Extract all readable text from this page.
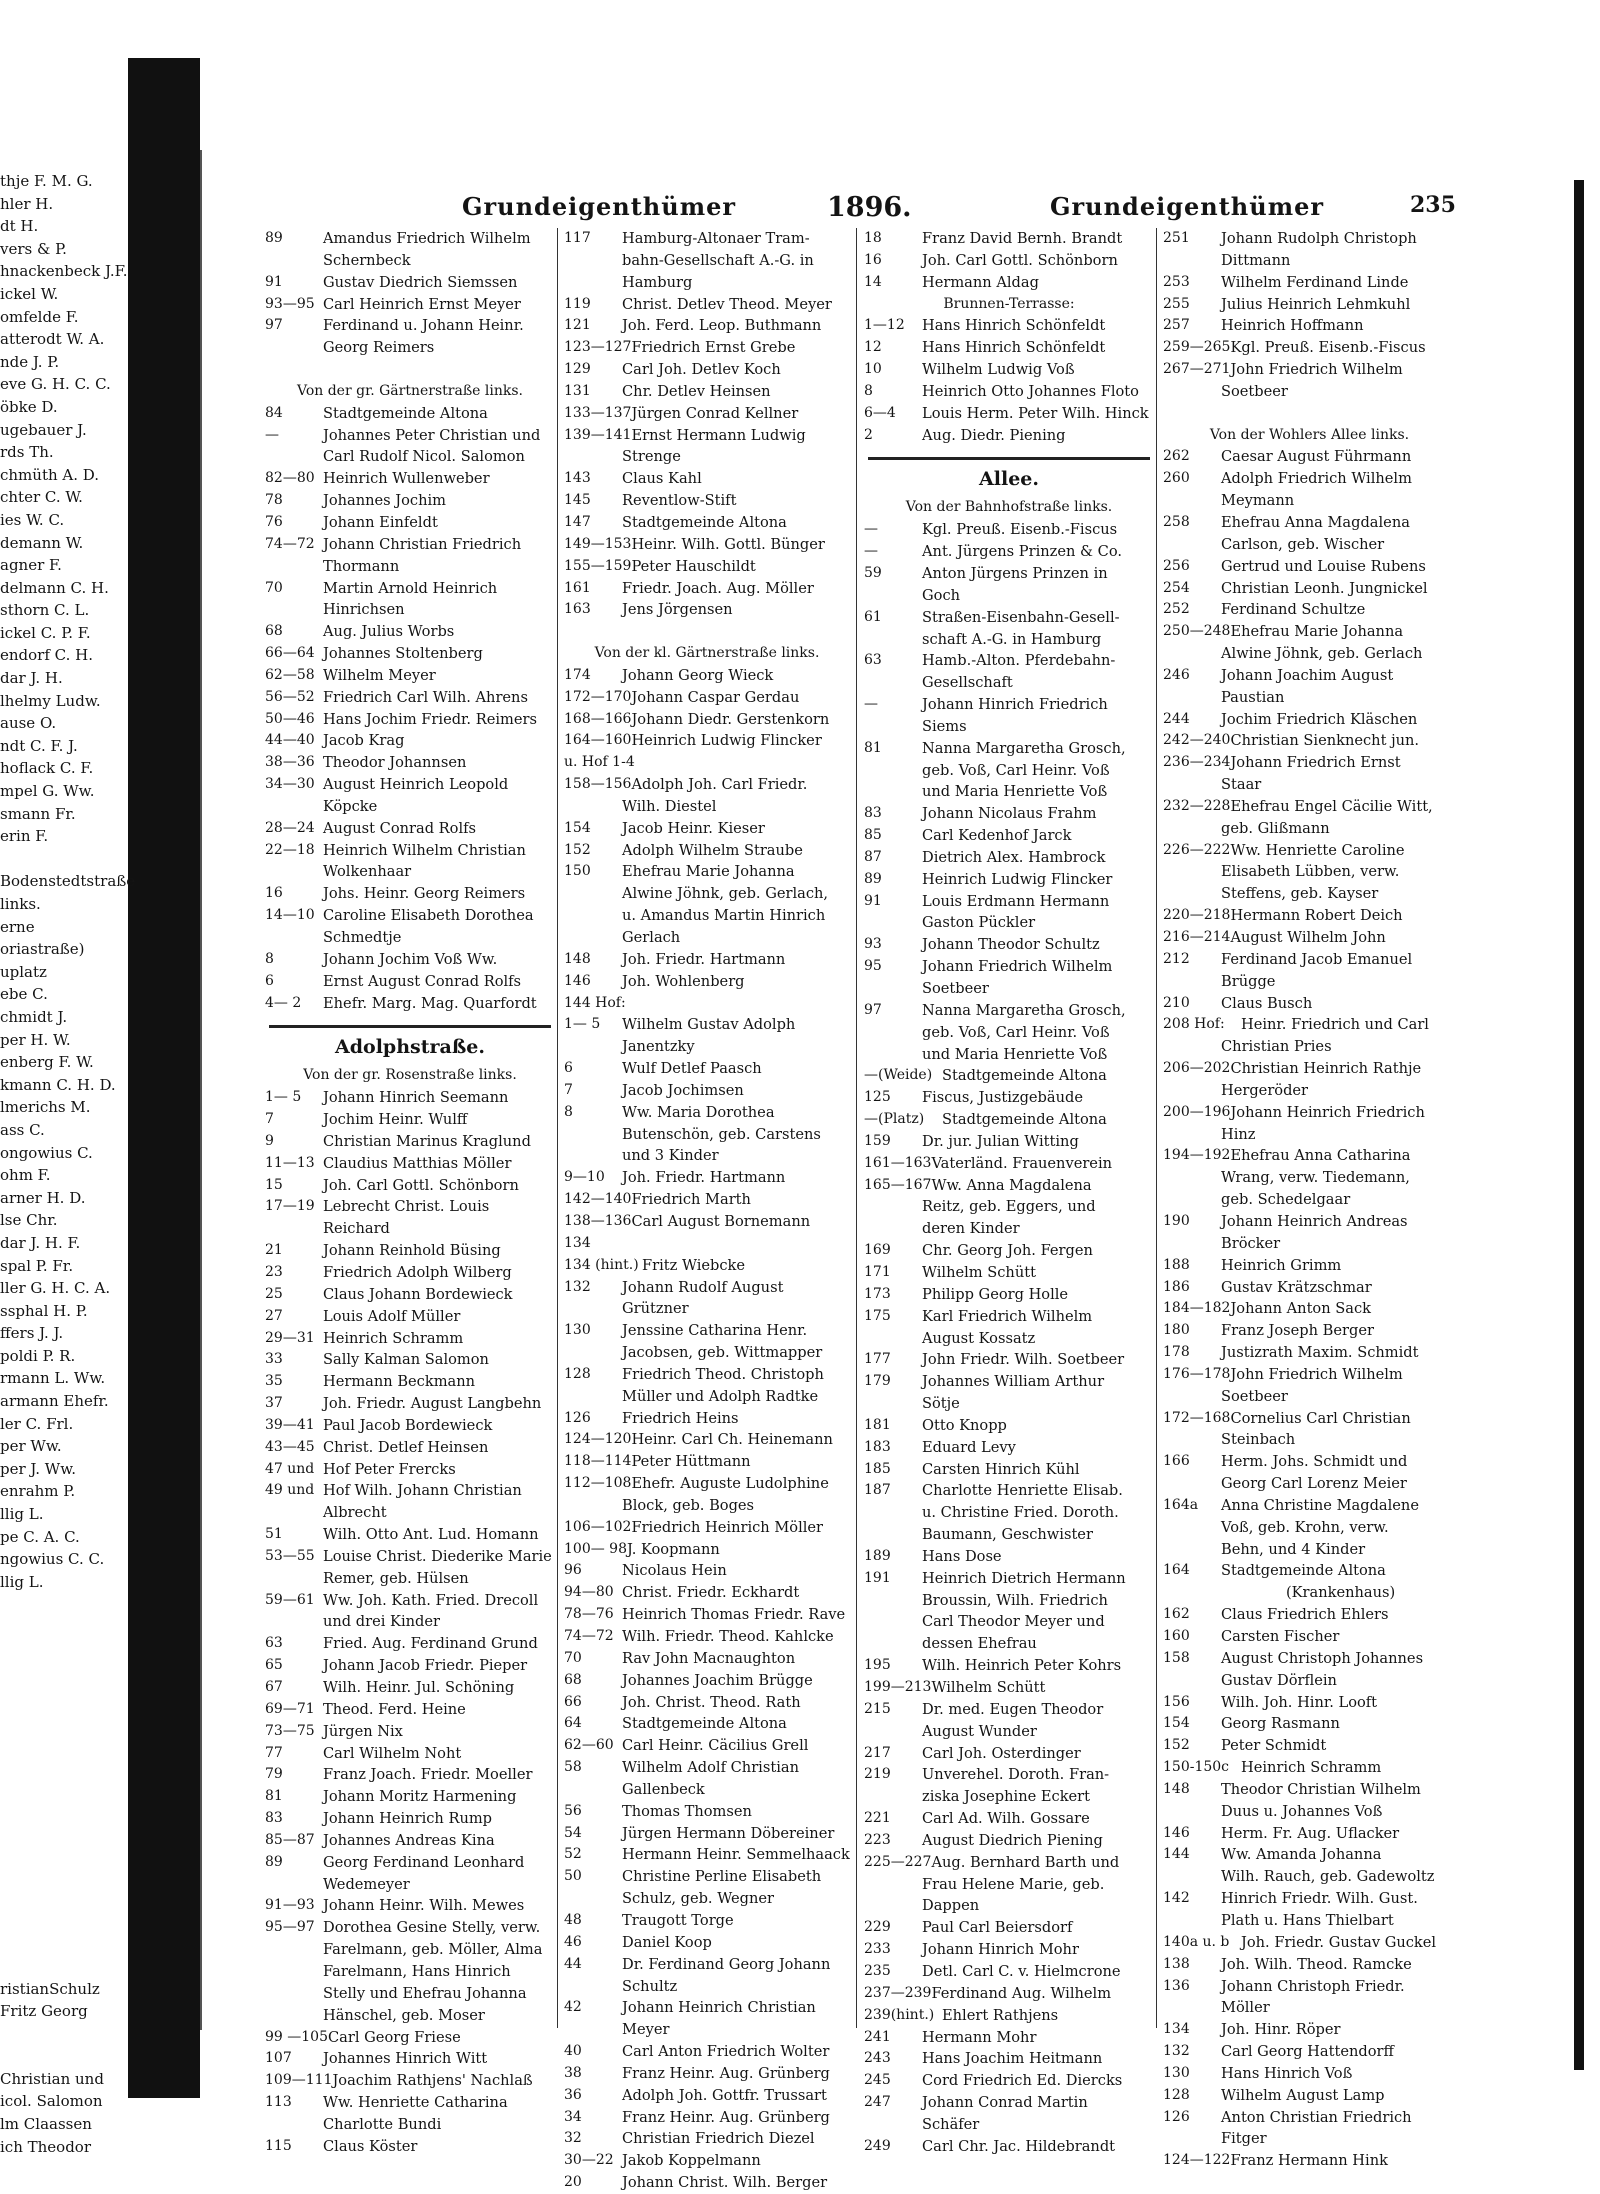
thje F. M. G.
hler H.
dt H.
vers & P.
hnackenbeck J.F.
ickel W.
omfelde F.
atterodt W. A.
nde J. P.
eve G. H. C. C.
öbke D.
ugebauer J.
rds Th.
chmüth A. D.
chter C. W.
ies W. C.
demann W.
agner F.
delmann C. H.
sthorn C. L.
ickel C. P. F.
endorf C. H.
dar J. H.
lhelmy Ludw.
ause O.
ndt C. F. J.
hoflack C. F.
mpel G. Ww.
smann Fr.
erin F.
Bodenstedtstraße
links.
erne
oriastraße)
uplatz
ebe C.
chmidt J.
per H. W.
enberg F. W.
kmann C. H. D.
lmerichs M.
ass C.
ongowius C.
ohm F.
arner H. D.
lse Chr.
dar J. H. F.
spal P. Fr.
ller G. H. C. A.
ssphal H. P.
ffers J. J.
poldi P. R.
rmann L. Ww.
armann Ehefr.
ler C. Frl.
per Ww.
per J. Ww.
enrahm P.
llig L.
pe C. A. C.
ngowius C. C.
llig L.
ristianSchulz
Fritz Georg
Christian und
icol. Salomon
lm Claassen
ich Theodor
Grundeigenthümer	1896.	Grundeigenthümer	235
89	Amandus Friedrich Wilhelm
Schernbeck
91	Gustav Diedrich Siemssen
93—95 Carl Heinrich Ernst Meyer
97	Ferdinand u. Johann Heinr.
Georg Reimers
Von der gr. Gärtnerstraße links.
84	Stadtgemeinde Altona
—	Johannes Peter Christian und
Carl Rudolf Nicol. Salomon
82—80 Heinrich Wullenweber
78	Johannes Jochim
76	Johann Einfeldt
74—72 Johann Christian Friedrich
Thormann
70	Martin Arnold Heinrich
Hinrichsen
68	Aug. Julius Worbs
66—64 Johannes Stoltenberg
62—58 Wilhelm Meyer
56—52 Friedrich Carl Wilh. Ahrens
50—46 Hans Jochim Friedr. Reimers
44—40 Jacob Krag
38—36 Theodor Johannsen
34—30 August Heinrich Leopold
Köpcke
28—24 August Conrad Rolfs
22—18 Heinrich Wilhelm Christian
Wolkenhaar
16	Johs. Heinr. Georg Reimers
14—10 Caroline Elisabeth Dorothea
Schmedtje
8	Johann Jochim Voß Ww.
6	Ernst August Conrad Rolfs
4— 2	Ehefr. Marg. Mag. Quarfordt
Adolphstraße.
Von der gr. Rosenstraße links.
1— 5	Johann Hinrich Seemann
7	Jochim Heinr. Wulff
9	Christian Marinus Kraglund
11—13 Claudius Matthias Möller
15	Joh. Carl Gottl. Schönborn
17—19 Lebrecht Christ. Louis Reichard
21	Johann Reinhold Büsing
23	Friedrich Adolph Wilberg
25	Claus Johann Bordewieck
27	Louis Adolf Müller
29—31 Heinrich Schramm
33	Sally Kalman Salomon
35	Hermann Beckmann
37	Joh. Friedr. August Langbehn
39—41 Paul Jacob Bordewieck
43—45 Christ. Detlef Heinsen
47 und Hof Peter Frercks
49 und Hof Wilh. Johann Christian
Albrecht
51	Wilh. Otto Ant. Lud. Homann
53—55 Louise Christ. Diederike Marie
Remer, geb. Hülsen
59—61 Ww. Joh. Kath. Fried. Drecoll
und drei Kinder
63	Fried. Aug. Ferdinand Grund
65	Johann Jacob Friedr. Pieper
67	Wilh. Heinr. Jul. Schöning
69—71 Theod. Ferd. Heine
73—75 Jürgen Nix
77	Carl Wilhelm Noht
79	Franz Joach. Friedr. Moeller
81	Johann Moritz Harmening
83	Johann Heinrich Rump
85—87 Johannes Andreas Kina
89	Georg Ferdinand Leonhard
Wedemeyer
91—93 Johann Heinr. Wilh. Mewes
95—97 Dorothea Gesine Stelly, verw.
Farelmann, geb. Möller, Alma
Farelmann, Hans Hinrich
Stelly und Ehefrau Johanna
Hänschel, geb. Moser
99 —105 Carl Georg Friese
107	Johannes Hinrich Witt
109—111 Joachim Rathjens' Nachlaß
113	Ww. Henriette Catharina
Charlotte Bundi
115	Claus Köster
117	Hamburg-Altonaer Tram-
bahn-Gesellschaft A.-G. in
Hamburg
119	Christ. Detlev Theod. Meyer
121	Joh. Ferd. Leop. Buthmann
123—127 Friedrich Ernst Grebe
129	Carl Joh. Detlev Koch
131	Chr. Detlev Heinsen
133—137 Jürgen Conrad Kellner
139—141 Ernst Hermann Ludwig
Strenge
143	Claus Kahl
145	Reventlow-Stift
147	Stadtgemeinde Altona
149—153 Heinr. Wilh. Gottl. Bünger
155—159 Peter Hauschildt
161	Friedr. Joach. Aug. Möller
163	Jens Jörgensen
Von der kl. Gärtnerstraße links.
174	Johann Georg Wieck
172—170 Johann Caspar Gerdau
168—166 Johann Diedr. Gerstenkorn
164—160 Heinrich Ludwig Flincker
u. Hof 1-4
158—156 Adolph Joh. Carl Friedr.
Wilh. Diestel
154	Jacob Heinr. Kieser
152	Adolph Wilhelm Straube
150	Ehefrau Marie Johanna
Alwine Jöhnk, geb. Gerlach,
u. Amandus Martin Hinrich
Gerlach
148	Joh. Friedr. Hartmann
146	Joh. Wohlenberg
144 Hof:
1— 5	Wilhelm Gustav Adolph
Janentzky
6	Wulf Detlef Paasch
7	Jacob Jochimsen
8	Ww. Maria Dorothea
Butenschön, geb. Carstens
und 3 Kinder
9—10	Joh. Friedr. Hartmann
142—140 Friedrich Marth
138—136 Carl August Bornemann
134
134 (hint.) Fritz Wiebcke
132	Johann Rudolf August
Grützner
130	Jenssine Catharina Henr.
Jacobsen, geb. Wittmapper
128	Friedrich Theod. Christoph
Müller und Adolph Radtke
126	Friedrich Heins
124—120 Heinr. Carl Ch. Heinemann
118—114 Peter Hüttmann
112—108 Ehefr. Auguste Ludolphine
Block, geb. Boges
106—102 Friedrich Heinrich Möller
100— 98 J. Koopmann
96	Nicolaus Hein
94—80 Christ. Friedr. Eckhardt
78—76 Heinrich Thomas Friedr. Rave
74—72 Wilh. Friedr. Theod. Kahlcke
70	Rav John Macnaughton
68	Johannes Joachim Brügge
66	Joh. Christ. Theod. Rath
64	Stadtgemeinde Altona
62—60 Carl Heinr. Cäcilius Grell
58	Wilhelm Adolf Christian
Gallenbeck
56	Thomas Thomsen
54	Jürgen Hermann Döbereiner
52	Hermann Heinr. Semmelhaack
50	Christine Perline Elisabeth
Schulz, geb. Wegner
48	Traugott Torge
46	Daniel Koop
44	Dr. Ferdinand Georg Johann
Schultz
42	Johann Heinrich Christian
Meyer
40	Carl Anton Friedrich Wolter
38	Franz Heinr. Aug. Grünberg
36	Adolph Joh. Gottfr. Trussart
34	Franz Heinr. Aug. Grünberg
32	Christian Friedrich Diezel
30—22 Jakob Koppelmann
20	Johann Christ. Wilh. Berger
18	Franz David Bernh. Brandt
16	Joh. Carl Gottl. Schönborn
14	Hermann Aldag
Brunnen-Terrasse:
1—12	Hans Hinrich Schönfeldt
12	Hans Hinrich Schönfeldt
10	Wilhelm Ludwig Voß
8	Heinrich Otto Johannes Floto
6—4	Louis Herm. Peter Wilh. Hinck
2	Aug. Diedr. Piening
Allee.
Von der Bahnhofstraße links.
—	Kgl. Preuß. Eisenb.-Fiscus
—	Ant. Jürgens Prinzen & Co.
59	Anton Jürgens Prinzen in
Goch
61	Straßen-Eisenbahn-Gesell-
schaft A.-G. in Hamburg
63	Hamb.-Alton. Pferdebahn-
Gesellschaft
—	Johann Hinrich Friedrich
Siems
81	Nanna Margaretha Grosch,
geb. Voß, Carl Heinr. Voß
und Maria Henriette Voß
83	Johann Nicolaus Frahm
85	Carl Kedenhof Jarck
87	Dietrich Alex. Hambrock
89	Heinrich Ludwig Flincker
91	Louis Erdmann Hermann
Gaston Pückler
93	Johann Theodor Schultz
95	Johann Friedrich Wilhelm
Soetbeer
97	Nanna Margaretha Grosch,
geb. Voß, Carl Heinr. Voß
und Maria Henriette Voß
—(Weide) Stadtgemeinde Altona
125	Fiscus, Justizgebäude
—(Platz)	Stadtgemeinde Altona
159	Dr. jur. Julian Witting
161—163 Vaterländ. Frauenverein
165—167 Ww. Anna Magdalena
Reitz, geb. Eggers, und
deren Kinder
169	Chr. Georg Joh. Fergen
171	Wilhelm Schütt
173	Philipp Georg Holle
175	Karl Friedrich Wilhelm
August Kossatz
177	John Friedr. Wilh. Soetbeer
179	Johannes William Arthur
Sötje
181	Otto Knopp
183	Eduard Levy
185	Carsten Hinrich Kühl
187	Charlotte Henriette Elisab.
u. Christine Fried. Doroth.
Baumann, Geschwister
189	Hans Dose
191	Heinrich Dietrich Hermann
Broussin, Wilh. Friedrich
Carl Theodor Meyer und
dessen Ehefrau
195	Wilh. Heinrich Peter Kohrs
199—213 Wilhelm Schütt
215	Dr. med. Eugen Theodor
August Wunder
217	Carl Joh. Osterdinger
219	Unverehel. Doroth. Fran-
ziska Josephine Eckert
221	Carl Ad. Wilh. Gossare
223	August Diedrich Piening
225—227 Aug. Bernhard Barth und
Frau Helene Marie, geb.
Dappen
229	Paul Carl Beiersdorf
233	Johann Hinrich Mohr
235	Detl. Carl C. v. Hielmcrone
237—239 Ferdinand Aug. Wilhelm
239(hint.) Ehlert Rathjens
241	Hermann Mohr
243	Hans Joachim Heitmann
245	Cord Friedrich Ed. Diercks
247	Johann Conrad Martin
Schäfer
249	Carl Chr. Jac. Hildebrandt
251	Johann Rudolph Christoph
Dittmann
253	Wilhelm Ferdinand Linde
255	Julius Heinrich Lehmkuhl
257	Heinrich Hoffmann
259—265 Kgl. Preuß. Eisenb.-Fiscus
267—271 John Friedrich Wilhelm
Soetbeer
Von der Wohlers Allee links.
262	Caesar August Führmann
260	Adolph Friedrich Wilhelm
Meymann
258	Ehefrau Anna Magdalena
Carlson, geb. Wischer
256	Gertrud und Louise Rubens
254	Christian Leonh. Jungnickel
252	Ferdinand Schultze
250—248 Ehefrau Marie Johanna
Alwine Jöhnk, geb. Gerlach
246	Johann Joachim August
Paustian
244	Jochim Friedrich Kläschen
242—240 Christian Sienknecht jun.
236—234 Johann Friedrich Ernst
Staar
232—228 Ehefrau Engel Cäcilie Witt,
geb. Glißmann
226—222 Ww. Henriette Caroline
Elisabeth Lübben, verw.
Steffens, geb. Kayser
220—218 Hermann Robert Deich
216—214 August Wilhelm John
212	Ferdinand Jacob Emanuel
Brügge
210	Claus Busch
208 Hof:	Heinr. Friedrich und Carl
Christian Pries
206—202 Christian Heinrich Rathje
Hergeröder
200—196 Johann Heinrich Friedrich
Hinz
194—192 Ehefrau Anna Catharina
Wrang, verw. Tiedemann,
geb. Schedelgaar
190	Johann Heinrich Andreas
Bröcker
188	Heinrich Grimm
186	Gustav Krätzschmar
184—182 Johann Anton Sack
180	Franz Joseph Berger
178	Justizrath Maxim. Schmidt
176—178 John Friedrich Wilhelm
Soetbeer
172—168 Cornelius Carl Christian
Steinbach
166	Herm. Johs. Schmidt und
Georg Carl Lorenz Meier
164a	Anna Christine Magdalene
Voß, geb. Krohn, verw.
Behn, und 4 Kinder
164	Stadtgemeinde Altona
(Krankenhaus)
162	Claus Friedrich Ehlers
160	Carsten Fischer
158	August Christoph Johannes
Gustav Dörflein
156	Wilh. Joh. Hinr. Looft
154	Georg Rasmann
152	Peter Schmidt
150-150c Heinrich Schramm
148	Theodor Christian Wilhelm
Duus u. Johannes Voß
146	Herm. Fr. Aug. Uflacker
144	Ww. Amanda Johanna
Wilh. Rauch, geb. Gadewoltz
142	Hinrich Friedr. Wilh. Gust.
Plath u. Hans Thielbart
140a u. b Joh. Friedr. Gustav Guckel
138	Joh. Wilh. Theod. Ramcke
136	Johann Christoph Friedr.
Möller
134	Joh. Hinr. Röper
132	Carl Georg Hattendorff
130	Hans Hinrich Voß
128	Wilhelm August Lamp
126	Anton Christian Friedrich
Fitger
124—122 Franz Hermann Hink
